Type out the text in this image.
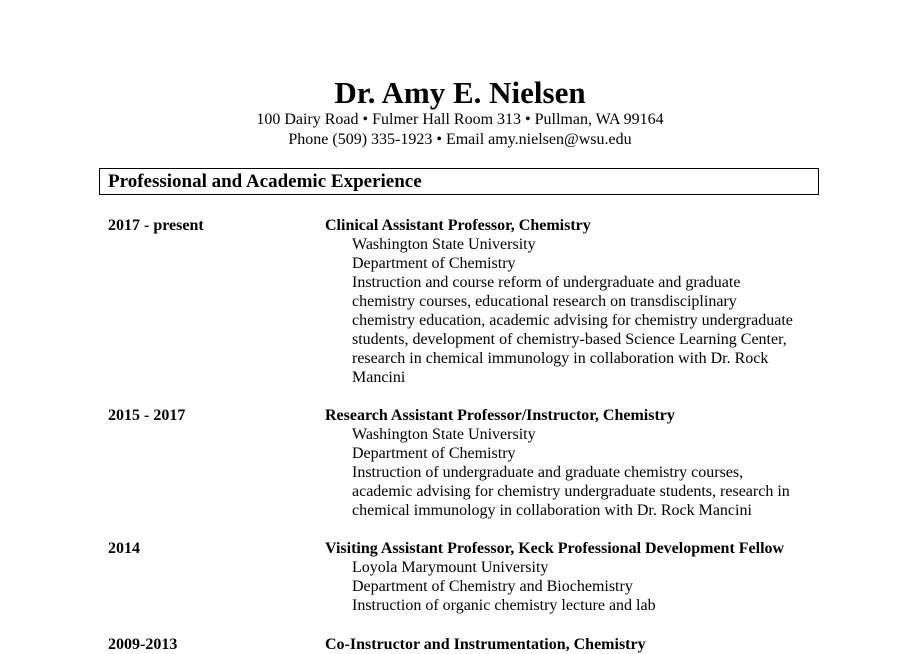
Dr. Amy E. Nielsen
100 Dairy Road • Fulmer Hall Room 313 • Pullman, WA 99164
Phone (509) 335-1923 • Email amy.nielsen@wsu.edu
Professional and Academic Experience
2017 - present	Clinical Assistant Professor, Chemistry
Washington State University
Department of Chemistry
Instruction and course reform of undergraduate and graduate
chemistry courses, educational research on transdisciplinary
chemistry education, academic advising for chemistry undergraduate
students, development of chemistry-based Science Learning Center,
research in chemical immunology in collaboration with Dr. Rock
Mancini
2015 - 2017	Research Assistant Professor/Instructor, Chemistry
Washington State University
Department of Chemistry
Instruction of undergraduate and graduate chemistry courses,
academic advising for chemistry undergraduate students, research in
chemical immunology in collaboration with Dr. Rock Mancini
2014	Visiting Assistant Professor, Keck Professional Development Fellow
Loyola Marymount University
Department of Chemistry and Biochemistry
Instruction of organic chemistry lecture and lab
2009-2013	Co-Instructor and Instrumentation, Chemistry
